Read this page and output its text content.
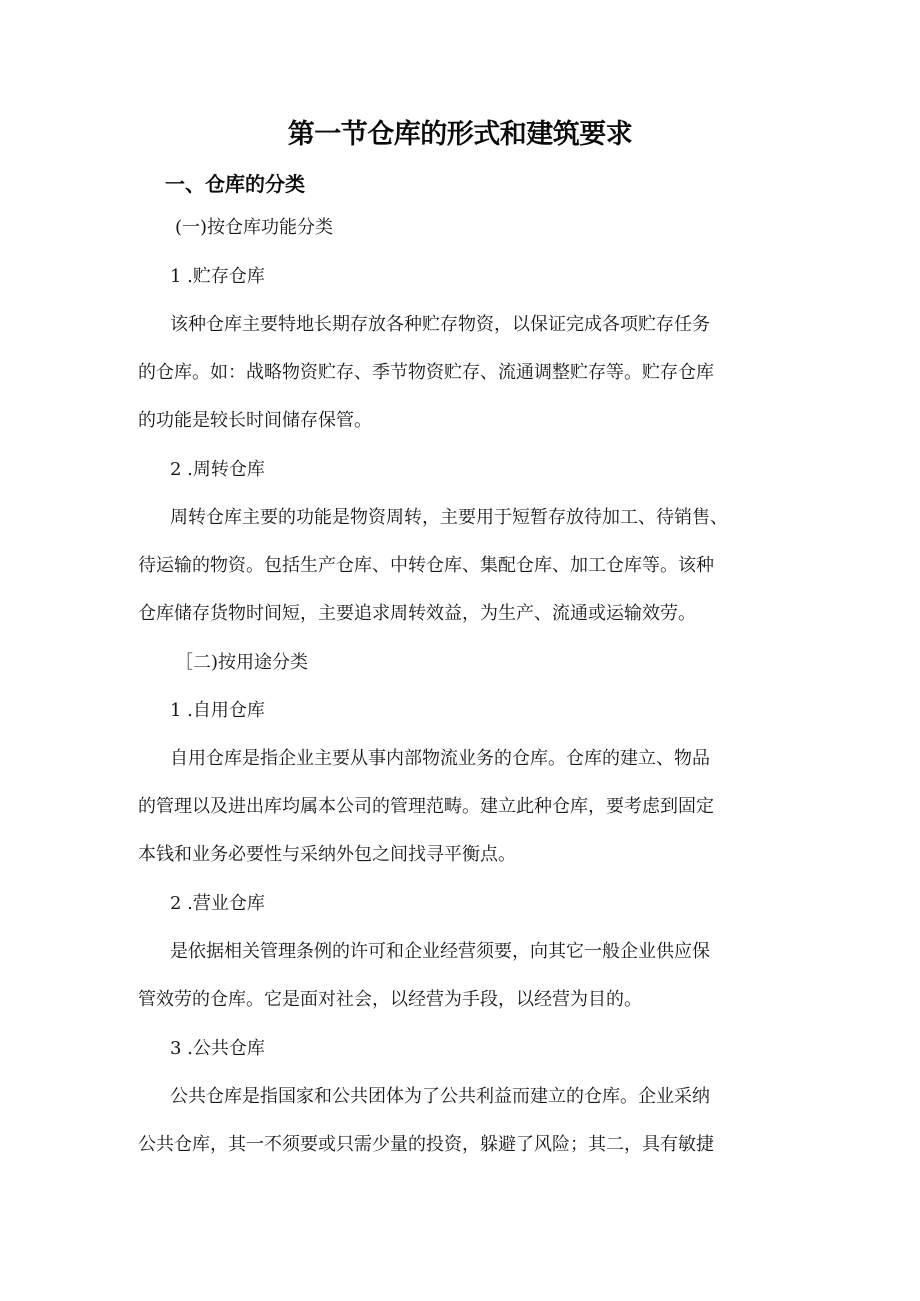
第一节仓库的形式和建筑要求
一、仓库的分类

(一)按仓库功能分类

1 .贮存仓库

该种仓库主要特地长期存放各种贮存物资，以保证完成各项贮存任务

的仓库。如：战略物资贮存、季节物资贮存、流通调整贮存等。贮存仓库

的功能是较长时间储存保管。

2 .周转仓库

周转仓库主要的功能是物资周转，主要用于短暂存放待加工、待销售、

待运输的物资。包括生产仓库、中转仓库、集配仓库、加工仓库等。该种

仓库储存货物时间短，主要追求周转效益，为生产、流通或运输效劳。

［二)按用途分类

1 .自用仓库

自用仓库是指企业主要从事内部物流业务的仓库。仓库的建立、物品

的管理以及进出库均属本公司的管理范畴。建立此种仓库，要考虑到固定

本钱和业务必要性与采纳外包之间找寻平衡点。

2 .营业仓库

是依据相关管理条例的许可和企业经营须要，向其它一般企业供应保

管效劳的仓库。它是面对社会，以经营为手段，以经营为目的。

3 .公共仓库

公共仓库是指国家和公共团体为了公共利益而建立的仓库。企业采纳

公共仓库，其一不须要或只需少量的投资，躲避了风险；其二，具有敏捷
